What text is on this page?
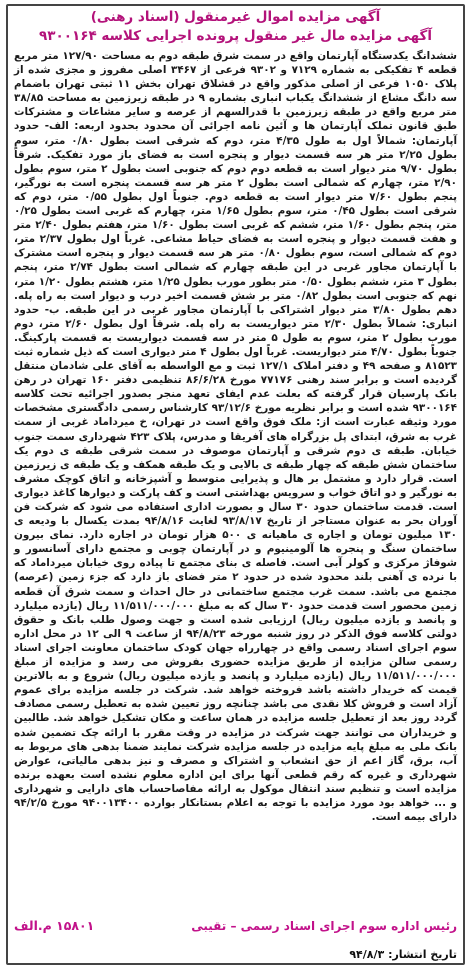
آگهی مزایده اموال غیرمنقول (اسناد رهنی)
آگهی مزایده مال غیر منقول پرونده اجرایی کلاسه ۹۳۰۰۱۶۴
ششدانگ یکدستگاه آپارتمان واقع در سمت شرق طبقه دوم به مساحت ۱۲۷/۹۰ متر مربع قطعه ۴ تفکیکی به شماره ۷۱۲۹ و ۹۳۰۲ فرعی از ۳۴۶۷ اصلی مفروز و مجزی شده از پلاک ۱۰۵۰ فرعی از اصلی مذکور واقع در قشلاق تهران بخش ۱۱ ثبتی تهران باضمام سه دانگ مشاع از ششدانگ یکباب انباری بشماره ۹ در طبقه زیرزمین به مساحت ۳۸/۸۵ متر مربع واقع در طبقه زیرزمین با قدرالسهم از عرصه و سایر مشاعات و مشترکات طبق قانون تملک آپارتمان ها و آئین نامه اجرائی آن محدود بحدود اربعه: الف- حدود آپارتمان: شمالاً اول به طول ۴/۳۵ متر، دوم که شرقی است بطول ۰/۸۰ متر، سوم بطول ۲/۲۵ متر هر سه قسمت دیوار و پنجره است به فضای باز مورد تفکیک. شرقاً بطول ۹/۷۰ متر دیوار است به قطعه دوم دوم که جنوبی است بطول ۲ متر، سوم بطول ۲/۹۰ متر، چهارم که شمالی است بطول ۲ متر هر سه قسمت پنجره است به نورگیر، پنجم بطول ۷/۶۰ متر دیوار است به قطعه دوم. جنوباً اول بطول ۰/۵۵ متر، دوم که شرقی است بطول ۰/۴۵ متر، سوم بطول ۱/۶۵ متر، چهارم که غربی است بطول ۰/۲۵ متر، پنجم بطول ۱/۶۰ متر، ششم که غربی است بطول ۱/۶۰ متر، هفتم بطول ۲/۴۰ متر و هفت قسمت دیوار و پنجره است به فضای حیاط مشاعی. غرباً اول بطول ۲/۳۷ متر، دوم که شمالی است، سوم بطول ۰/۸۰ متر هر سه قسمت دیوار و پنجره است مشترک با آپارتمان مجاور غربی در این طبقه چهارم که شمالی است بطول ۲/۷۴ متر، پنجم بطول ۳ متر، ششم بطول ۰/۵۰ متر بطور مورب بطول ۱/۲۵ متر، هشتم بطول ۱/۲۰ متر، نهم که جنوبی است بطول ۰/۸۲ متر بر شش قسمت اخیر درب و دیوار است به راه پله. دهم بطول ۳/۸۰ متر دیوار اشتراکی با آپارتمان مجاور غربی در این طبقه. ب- حدود انباری: شمالاً بطول ۲/۳۰ متر دیواریست به راه پله. شرقاً اول بطول ۲/۶۰ متر، دوم مورب بطول ۲ متر، سوم به طول ۵ متر در سه قسمت دیواریست به قسمت پارکینگ. جنوباً بطول ۴/۷۰ متر دیواریست. غرباً اول بطول ۴ متر دیواری است که ذیل شماره ثبت ۸۱۵۲۳ و صفحه ۴۹ و دفتر املاک ۱۲۷/۱ ثبت و مع الواسطه به آقای علی شادمان منتقل گردیده است و برابر سند رهنی ۷۷۱۷۶ مورخ ۸۶/۶/۲۸ تنظیمی دفتر ۱۶۰ تهران در رهن بانک پارسیان قرار گرفته که بعلت عدم ایفای تعهد منجر بصدور اجرائیه تحت کلاسه ۹۳۰۰۱۶۴ شده است و برابر نظریه مورخ ۹۳/۱۲/۶ کارشناس رسمی دادگستری مشخصات مورد وثیقه عبارت است از: ملک فوق واقع است در تهران، خ میرداماد غربی از سمت غرب به شرق، ابتدای پل بزرگراه های آفریقا و مدرس، پلاک ۴۲۳ شهرداری سمت جنوب خیابان. طبقه ی دوم شرقی و آپارتمان موصوف در سمت شرقی طبقه ی دوم یک ساختمان شش طبقه که چهار طبقه ی بالایی و یک طبقه همکف و یک طبقه ی زیرزمین است. قرار دارد و مشتمل بر هال و پذیرایی متوسط و آشپزخانه و اتاق کوچک مشرف به نورگیر و دو اتاق خواب و سرویس بهداشتی است و کف پارکت و دیوارها کاغذ دیواری است. قدمت ساختمان حدود ۳۰ سال و بصورت اداری استفاده می شود که شرکت فن آوران بحر به عنوان مستاجر از تاریخ ۹۳/۸/۱۷ لغایت ۹۴/۸/۱۶ بمدت یکسال با ودیعه ی ۱۳۰ میلیون تومان و اجاره ی ماهیانه ی ۵۰۰ هزار تومان در اجاره دارد. نمای بیرون ساختمان سنگ و پنجره ها آلومینیوم و در آپارتمان چوبی و مجتمع دارای آسانسور و شوفاژ مرکزی و کولر آبی است. فاصله ی بنای مجتمع تا پیاده روی خیابان میرداماد که با نرده ی آهنی بلند محدود شده در حدود ۲ متر فضای باز دارد که جزء زمین (عرصه) مجتمع می باشد. سمت غرب مجتمع ساختمانی در حال احداث و سمت شرق آن قطعه زمین محصور است قدمت حدود ۳۰ سال که به مبلغ ۱۱/۵۱۱/۰۰۰/۰۰۰ ریال (یازده میلیارد و پانصد و یازده میلیون ریال) ارزیابی شده است و جهت وصول طلب بانک و حقوق دولتی کلاسه فوق الذکر در روز شنبه مورخه ۹۴/۸/۲۳ از ساعت ۹ الی ۱۲ در محل اداره سوم اجرای اسناد رسمی واقع در چهارراه جهان کودک ساختمان معاونت اجرای اسناد رسمی سالن مزایده از طریق مزایده حضوری بفروش می رسد و مزایده از مبلغ ۱۱/۵۱۱/۰۰۰/۰۰۰ ریال (یازده میلیارد و پانصد و یازده میلیون ریال) شروع و به بالاترین قیمت که خریدار داشته باشد فروخته خواهد شد. شرکت در جلسه مزایده برای عموم آزاد است و فروش کلا نقدی می باشد چنانچه روز تعیین شده به تعطیل رسمی مصادف گردد روز بعد از تعطیل جلسه مزایده در همان ساعت و مکان تشکیل خواهد شد. طالبین و خریداران می توانند جهت شرکت در مزایده در وقت مقرر با ارائه چک تضمین شده بانک ملی به مبلغ پایه مزایده در جلسه مزایده شرکت نمایند ضمنا بدهی های مربوط به آب، برق، گاز اعم از حق انشعاب و اشتراک و مصرف و نیز بدهی مالیاتی، عوارض شهرداری و غیره که رقم قطعی آنها برای این اداره معلوم نشده است بعهده برنده مزایده است و تنظیم سند انتقال موکول به ارائه مفاصاحساب های دارایی و شهرداری و ... خواهد بود مورد مزایده با توجه به اعلام بستانکار بوارده ۹۴۰۰۱۳۴۰۰ مورخ ۹۴/۲/۵ دارای بیمه است.
رئیس اداره سوم اجرای اسناد رسمی – تقیبی
۱۵۸۰۱ م.الف
تاریخ انتشار: ۹۴/۸/۳
